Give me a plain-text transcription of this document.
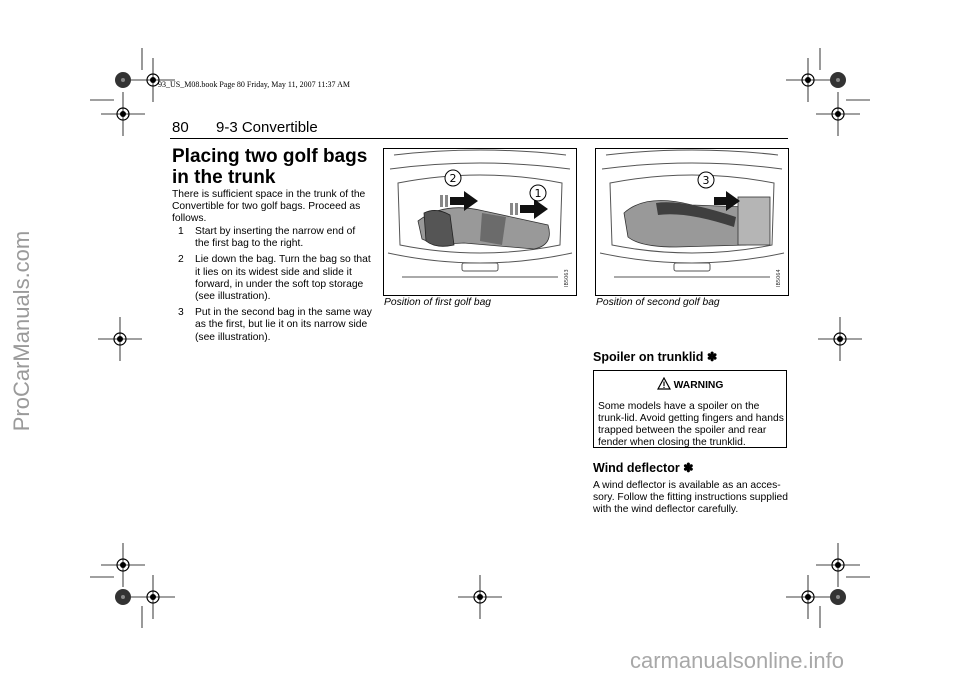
93_US_M08.book Page 80 Friday, May 11, 2007 11:37 AM
ProCarManuals.com
carmanualsonline.info
80 9-3 Convertible
Placing two golf bags
in the trunk
There is sufficient space in the trunk of the Convertible for two golf bags. Proceed as follows.
1	Start by inserting the narrow end of the first bag to the right.
2	Lie down the bag. Turn the bag so that it lies on its widest side and slide it forward, in under the soft top storage (see illustration).
3	Put in the second bag in the same way as the first, but lie it on its narrow side (see illustration).
2
1
IB5063
Position of first golf bag
3
IB5064
Position of second golf bag
Spoiler on trunklid ✽
WARNING
Some models have a spoiler on the trunk-lid. Avoid getting fingers and hands trapped between the spoiler and rear fender when closing the trunklid.
Wind deflector ✽
A wind deflector is available as an acces-sory. Follow the fitting instructions supplied with the wind deflector carefully.
